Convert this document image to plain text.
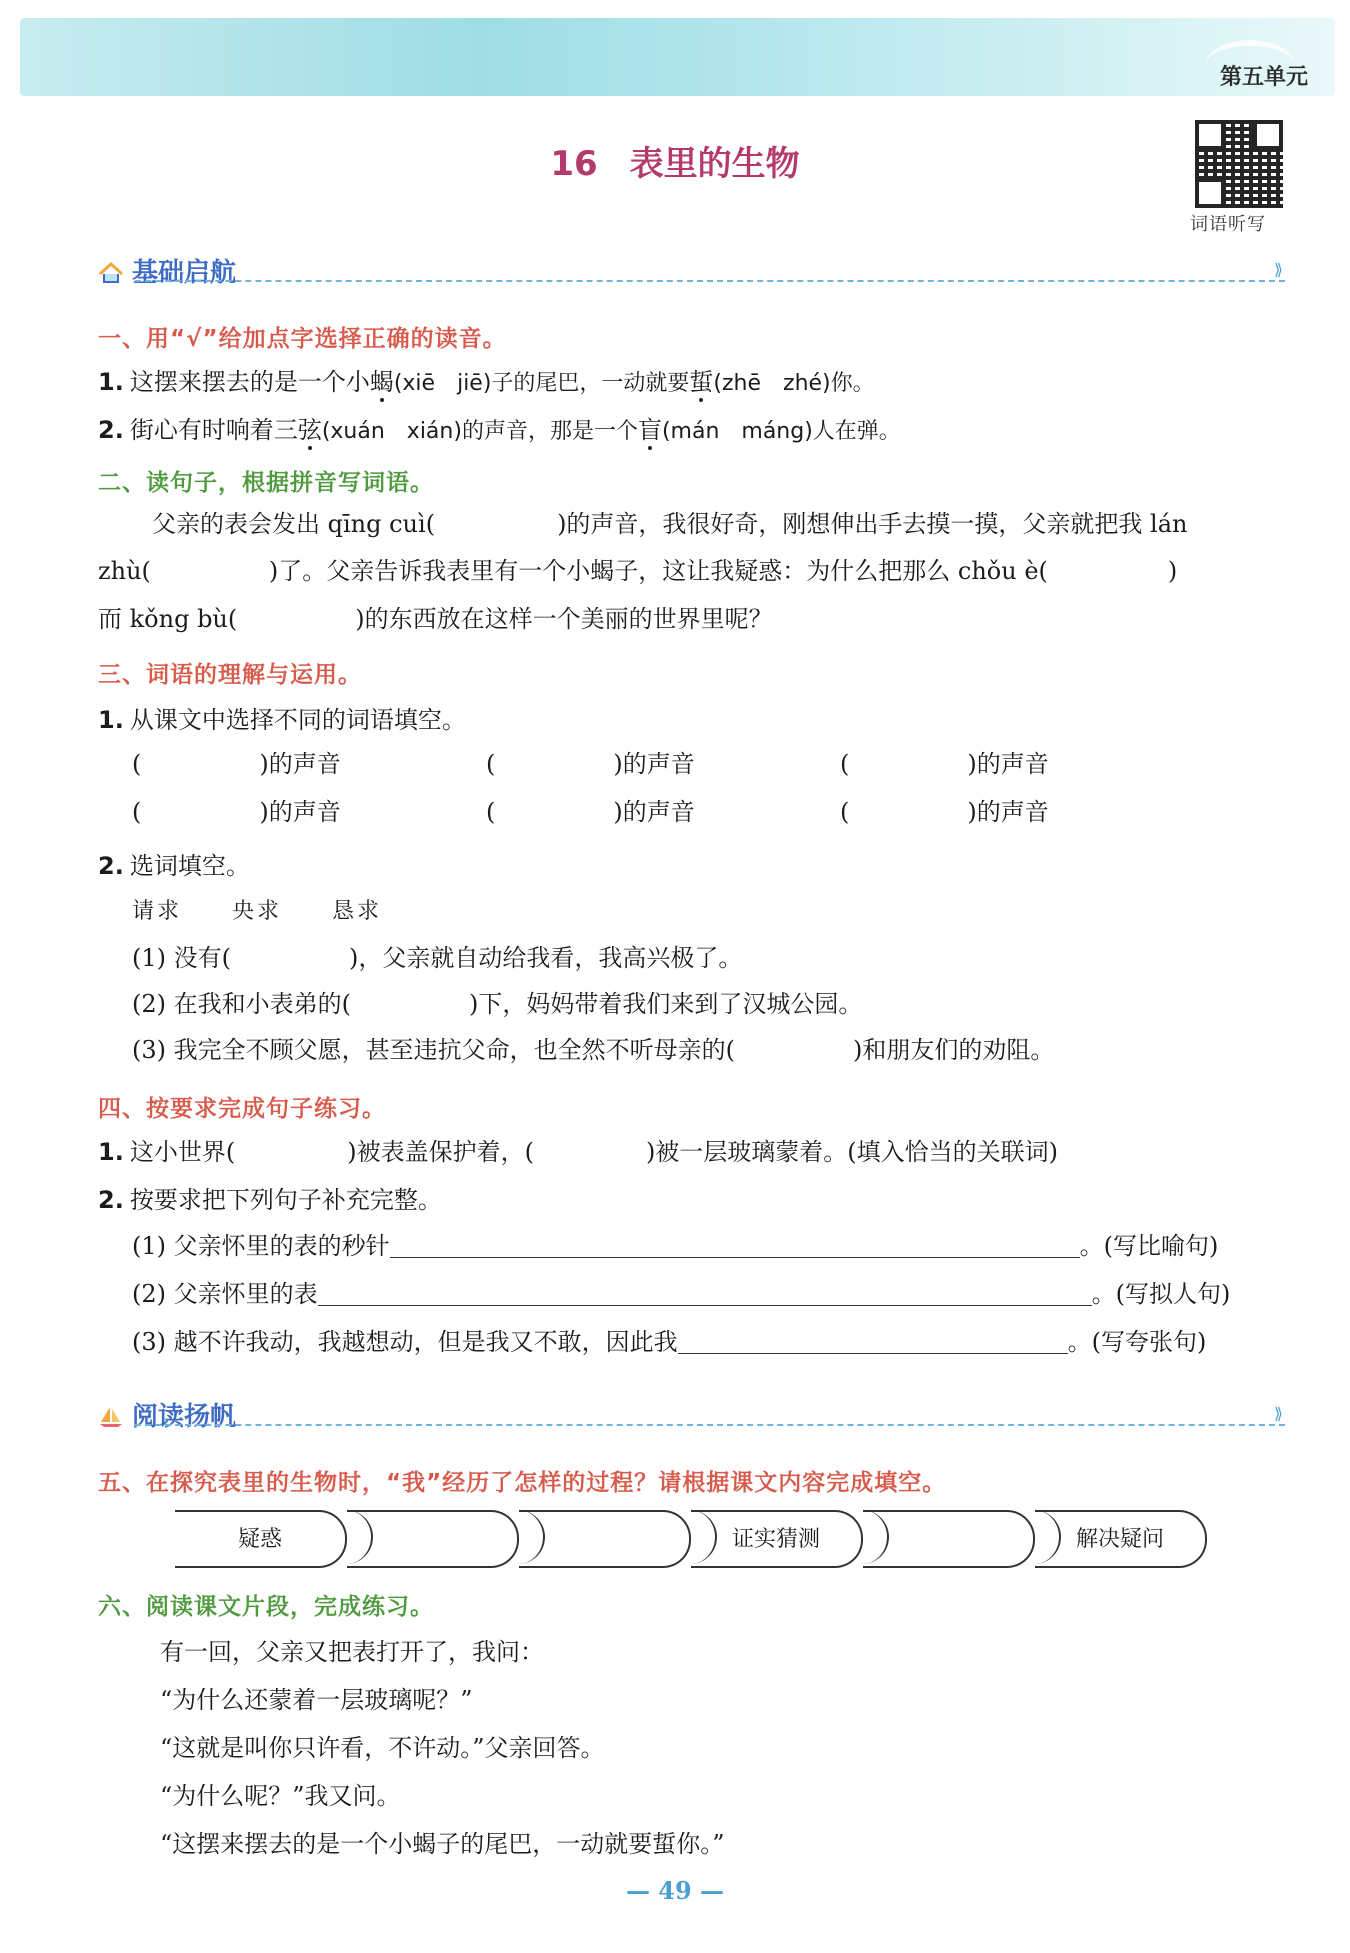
第五单元
16 表里的生物
词语听写
基础启航	⟫
一、用“√”给加点字选择正确的读音。
1. 这摆来摆去的是一个小蝎(xiē　jiē)子的尾巴，一动就要蜇(zhē　zhé)你。
2. 街心有时响着三弦(xuán　xián)的声音，那是一个盲(mán　máng)人在弹。
二、读句子，根据拼音写词语。
父亲的表会发出 qīng cuì(	)的声音，我很好奇，刚想伸出手去摸一摸，父亲就把我 lán
zhù(	)了。父亲告诉我表里有一个小蝎子，这让我疑惑：为什么把那么 chǒu è(	)
而 kǒng bù(	)的东西放在这样一个美丽的世界里呢？
三、词语的理解与运用。
1. 从课文中选择不同的词语填空。
(	)的声音	(	)的声音	(	)的声音
(	)的声音	(	)的声音	(	)的声音
2. 选词填空。
请求 央求 恳求
(1) 没有(	)，父亲就自动给我看，我高兴极了。
(2) 在我和小表弟的(	)下，妈妈带着我们来到了汉城公园。
(3) 我完全不顾父愿，甚至违抗父命，也全然不听母亲的(	)和朋友们的劝阻。
四、按要求完成句子练习。
1. 这小世界(	)被表盖保护着，(	)被一层玻璃蒙着。(填入恰当的关联词)
2. 按要求把下列句子补充完整。
(1) 父亲怀里的表的秒针	。(写比喻句)
(2) 父亲怀里的表	。(写拟人句)
(3) 越不许我动，我越想动，但是我又不敢，因此我	。(写夸张句)
阅读扬帆	⟫
五、在探究表里的生物时，“我”经历了怎样的过程？请根据课文内容完成填空。
疑惑	证实猜测	解决疑问
六、阅读课文片段，完成练习。
有一回，父亲又把表打开了，我问：
“为什么还蒙着一层玻璃呢？”
“这就是叫你只许看，不许动。”父亲回答。
“为什么呢？”我又问。
“这摆来摆去的是一个小蝎子的尾巴，一动就要蜇你。”
— 49 —
